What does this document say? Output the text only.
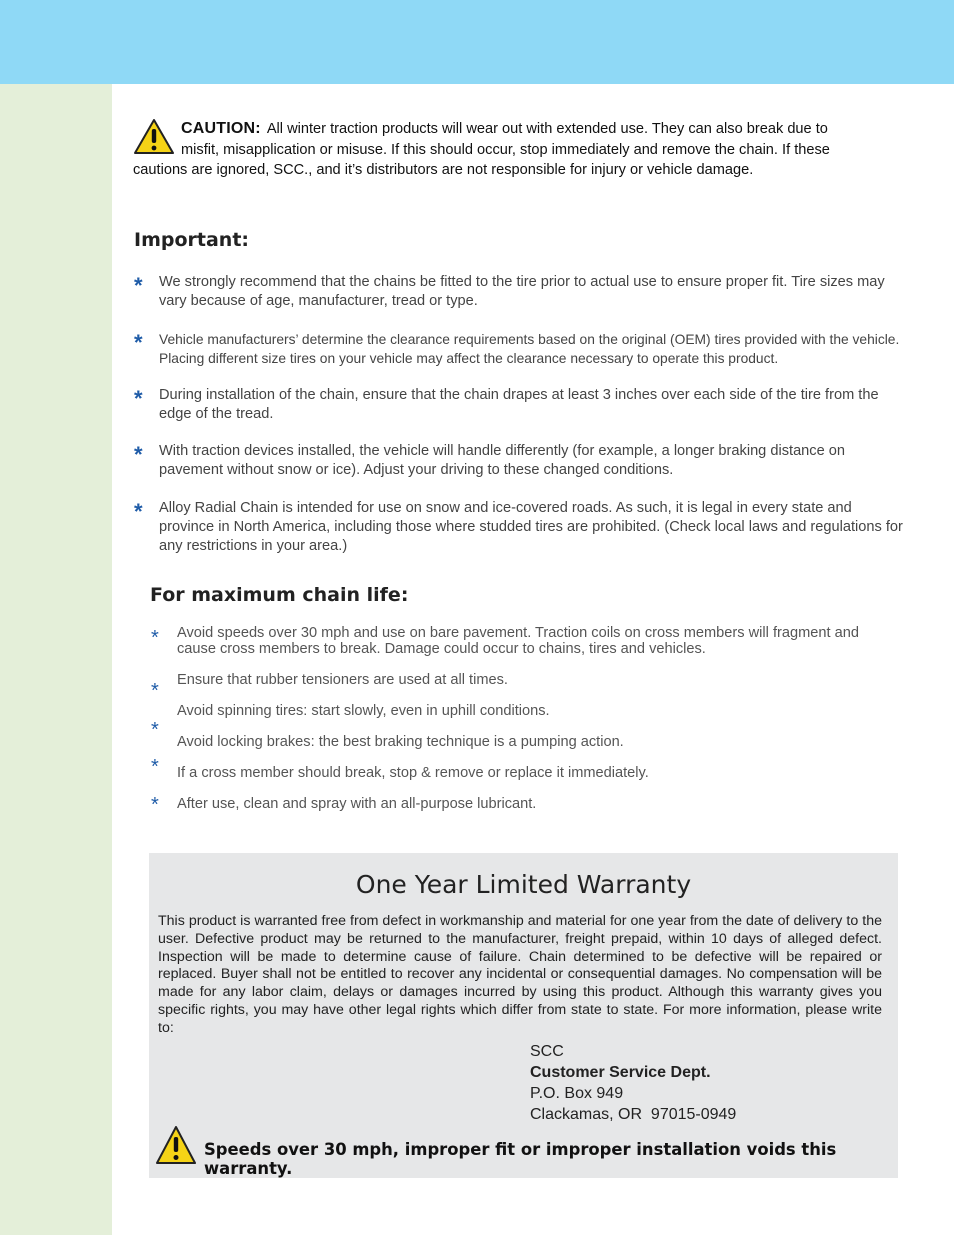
CAUTION: All winter traction products will wear out with extended use. They can also break due to

misfit, misapplication or misuse. If this should occur, stop immediately and remove the chain. If these

cautions are ignored, SCC., and it’s distributors are not responsible for injury or vehicle damage.

Important:
* We strongly recommend that the chains be fitted to the tire prior to actual use to ensure proper fit. Tire sizes may vary because of age, manufacturer, tread or type.
* Vehicle manufacturers’ determine the clearance requirements based on the original (OEM) tires provided with the vehicle. Placing different size tires on your vehicle may affect the clearance necessary to operate this product.
* During installation of the chain, ensure that the chain drapes at least 3 inches over each side of the tire from the edge of the tread.
* With traction devices installed, the vehicle will handle differently (for example, a longer braking distance on pavement without snow or ice). Adjust your driving to these changed conditions.
* Alloy Radial Chain is intended for use on snow and ice-covered roads. As such, it is legal in every state and province in North America, including those where studded tires are prohibited. (Check local laws and regulations for any restrictions in your area.)
For maximum chain life:
*
*
*
*
*

Avoid speeds over 30 mph and use on bare pavement. Traction coils on cross members will fragment and cause cross members to break. Damage could occur to chains, tires and vehicles.

Ensure that rubber tensioners are used at all times.

Avoid spinning tires: start slowly, even in uphill conditions.

Avoid locking brakes: the best braking technique is a pumping action.

If a cross member should break, stop & remove or replace it immediately.

After use, clean and spray with an all-purpose lubricant.

One Year Limited Warranty

This product is warranted free from defect in workmanship and material for one year from the date of delivery to the user. Defective product may be returned to the manufacturer, freight prepaid, within 10 days of alleged defect. Inspection will be made to determine cause of failure. Chain determined to be defective will be repaired or replaced. Buyer shall not be entitled to recover any incidental or consequential damages. No compensation will be made for any labor claim, delays or damages incurred by using this product. Although this warranty gives you specific rights, you may have other legal rights which differ from state to state. For more information, please write to:

SCC
Customer Service Dept.
P.O. Box 949
Clackamas, OR  97015-0949

Speeds over 30 mph, improper fit or improper installation voids this warranty.
